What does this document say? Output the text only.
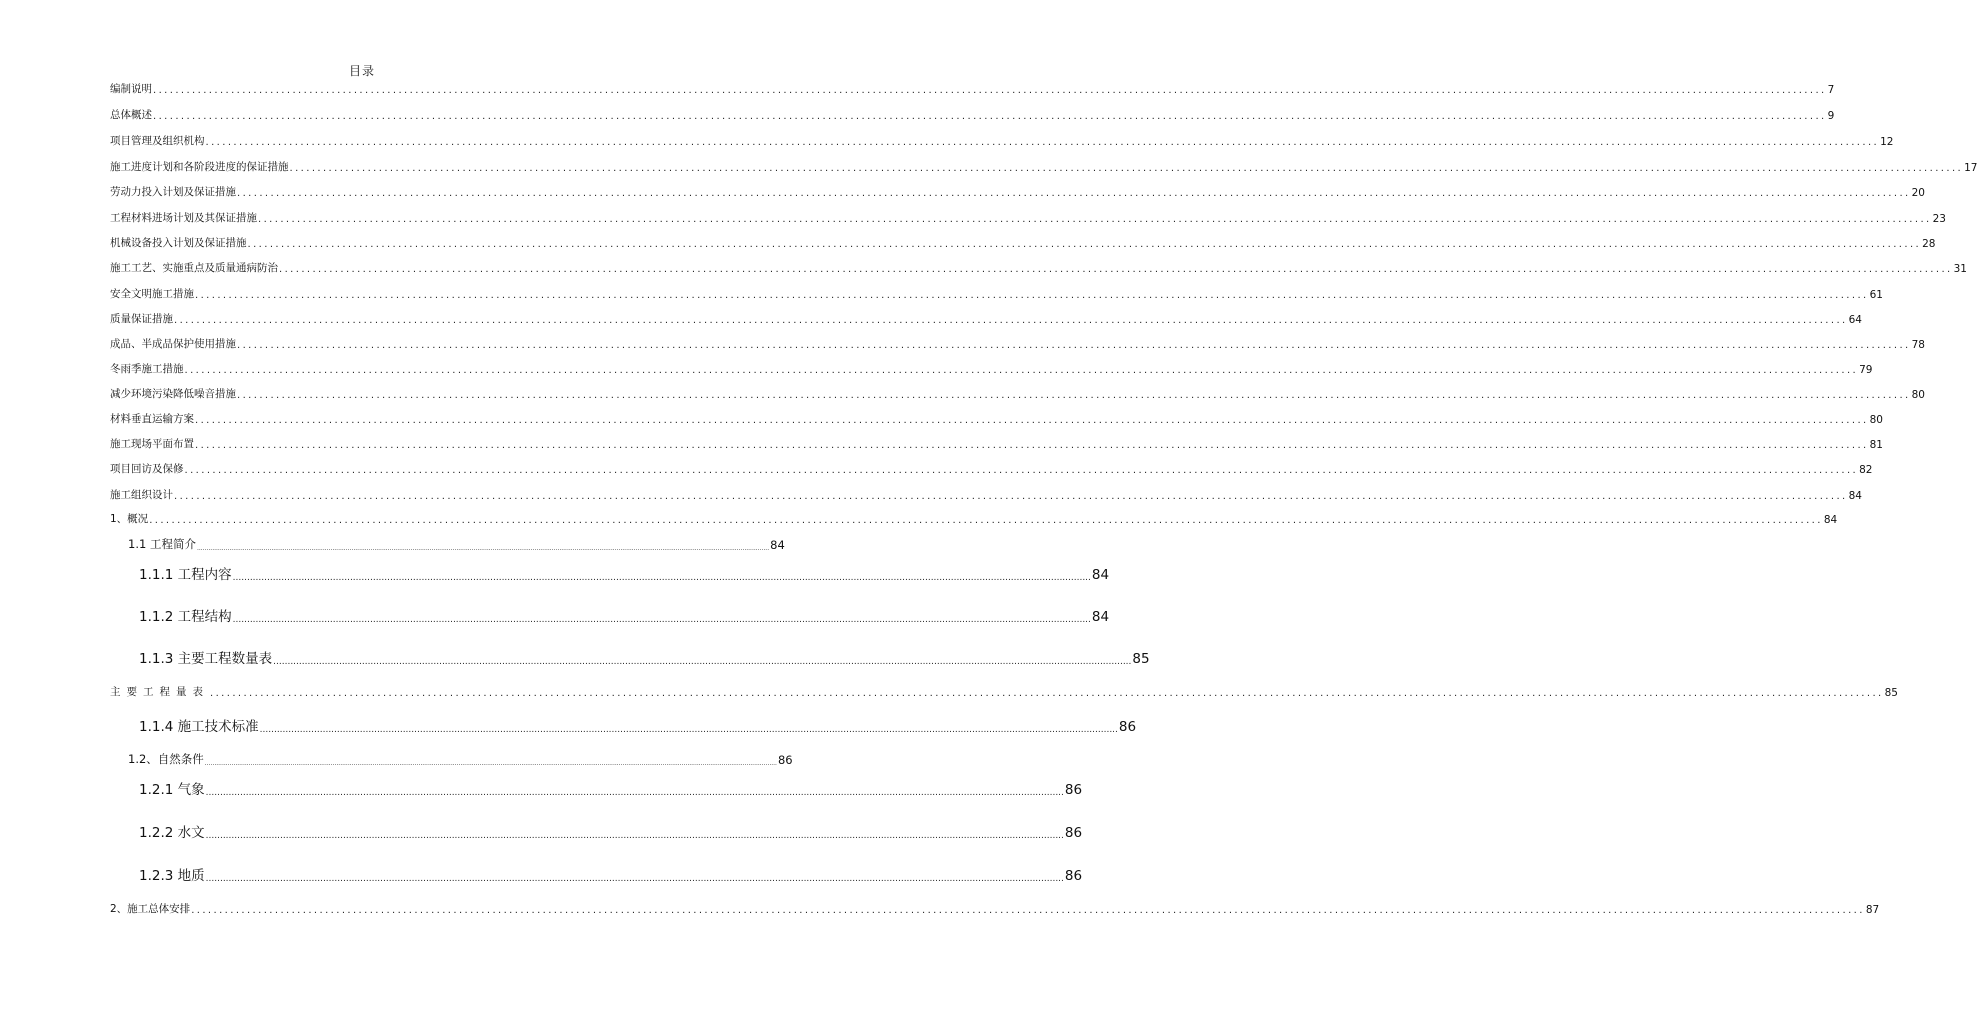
目录
编制说明 ............................................................................................................................................................................................................................................................................................................ 7
总体概述 ............................................................................................................................................................................................................................................................................................................ 9
项目管理及组织机构 ............................................................................................................................................................................................................................................................................................................ 12
施工进度计划和各阶段进度的保证措施 ............................................................................................................................................................................................................................................................................................................ 17
劳动力投入计划及保证措施 ............................................................................................................................................................................................................................................................................................................ 20
工程材料进场计划及其保证措施 ............................................................................................................................................................................................................................................................................................................ 23
机械设备投入计划及保证措施 ............................................................................................................................................................................................................................................................................................................ 28
施工工艺、实施重点及质量通病防治 ............................................................................................................................................................................................................................................................................................................ 31
安全文明施工措施 ............................................................................................................................................................................................................................................................................................................ 61
质量保证措施 ............................................................................................................................................................................................................................................................................................................ 64
成品、半成品保护使用措施 ............................................................................................................................................................................................................................................................................................................ 78
冬雨季施工措施 ............................................................................................................................................................................................................................................................................................................ 79
减少环境污染降低噪音措施 ............................................................................................................................................................................................................................................................................................................ 80
材料垂直运输方案 ............................................................................................................................................................................................................................................................................................................ 80
施工现场平面布置 ............................................................................................................................................................................................................................................................................................................ 81
项目回访及保修 ............................................................................................................................................................................................................................................................................................................ 82
施工组织设计 ............................................................................................................................................................................................................................................................................................................ 84
1、概况 ............................................................................................................................................................................................................................................................................................................ 84
1.1 工程简介 ............................................................................................................................................................................................................................................................................................................ 84
1.1.1 工程内容 ............................................................................................................................................................................................................................................................................................................ 84
1.1.2 工程结构 ............................................................................................................................................................................................................................................................................................................ 84
1.1.3 主要工程数量表 ............................................................................................................................................................................................................................................................................................................ 85
主要工程量表 ............................................................................................................................................................................................................................................................................................................ 85
1.1.4 施工技术标准 ............................................................................................................................................................................................................................................................................................................ 86
1.2、自然条件 ............................................................................................................................................................................................................................................................................................................ 86
1.2.1 气象 ............................................................................................................................................................................................................................................................................................................ 86
1.2.2 水文 ............................................................................................................................................................................................................................................................................................................ 86
1.2.3 地质 ............................................................................................................................................................................................................................................................................................................ 86
2、施工总体安排 ............................................................................................................................................................................................................................................................................................................ 87
